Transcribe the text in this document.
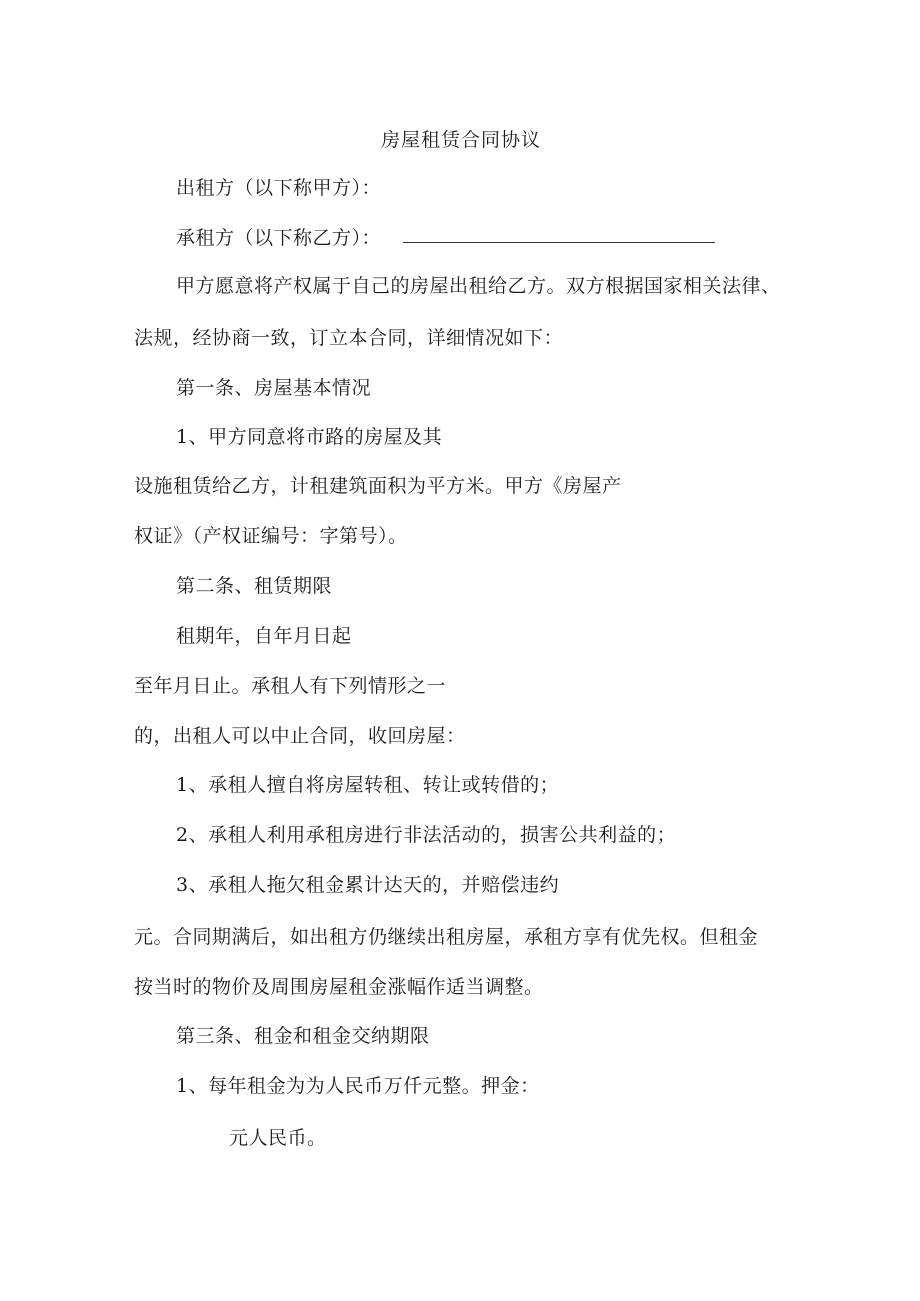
房屋租赁合同协议
出租方（以下称甲方）：
承租方（以下称乙方）：
甲方愿意将产权属于自己的房屋出租给乙方。双方根据国家相关法律、
法规，经协商一致，订立本合同，详细情况如下：
第一条、房屋基本情况
1、甲方同意将市路的房屋及其
设施租赁给乙方，计租建筑面积为平方米。甲方《房屋产
权证》（产权证编号：字第号）。
第二条、租赁期限
租期年，自年月日起
至年月日止。承租人有下列情形之一
的，出租人可以中止合同，收回房屋：
1、承租人擅自将房屋转租、转让或转借的；
2、承租人利用承租房进行非法活动的，损害公共利益的；
3、承租人拖欠租金累计达天的，并赔偿违约
元。合同期满后，如出租方仍继续出租房屋，承租方享有优先权。但租金
按当时的物价及周围房屋租金涨幅作适当调整。
第三条、租金和租金交纳期限
1、每年租金为为人民币万仟元整。押金：
元人民币。
